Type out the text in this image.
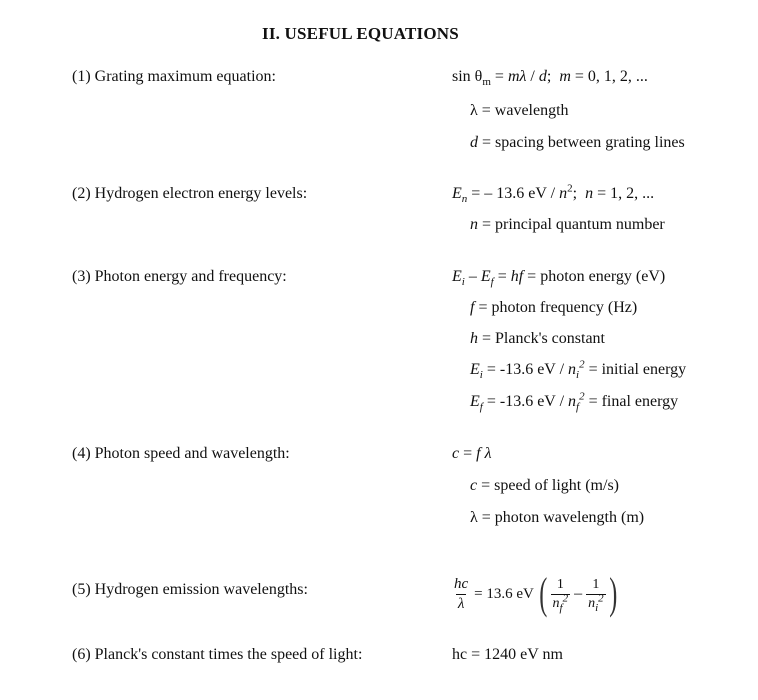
II. USEFUL EQUATIONS
(1) Grating maximum equation:
(2) Hydrogen electron energy levels:
(3) Photon energy and frequency:
(4) Photon speed and wavelength:
(5) Hydrogen emission wavelengths:
(6) Planck's constant times the speed of light:
$\sin \theta_m = m\lambda / d$;  m = 0, 1, 2, ...
λ = wavelength
d = spacing between grating lines
$E_n$ = – 13.6 eV / $n^2$;  n = 1, 2, ...
n = principal quantum number
$E_i - E_f$ = hf = photon energy (eV)
f = photon frequency (Hz)
h = Planck's constant
$E_i = -13.6$ eV / $n_i^2$ = initial energy
$E_f = -13.6$ eV / $n_f^2$ = final energy
c = f λ
c = speed of light (m/s)
λ = photon wavelength (m)
$\frac{hc}{\lambda} = 13.6$ eV ( $\frac{1}{n_f^2} - \frac{1}{n_i^2}$ )
hc = 1240 eV nm
